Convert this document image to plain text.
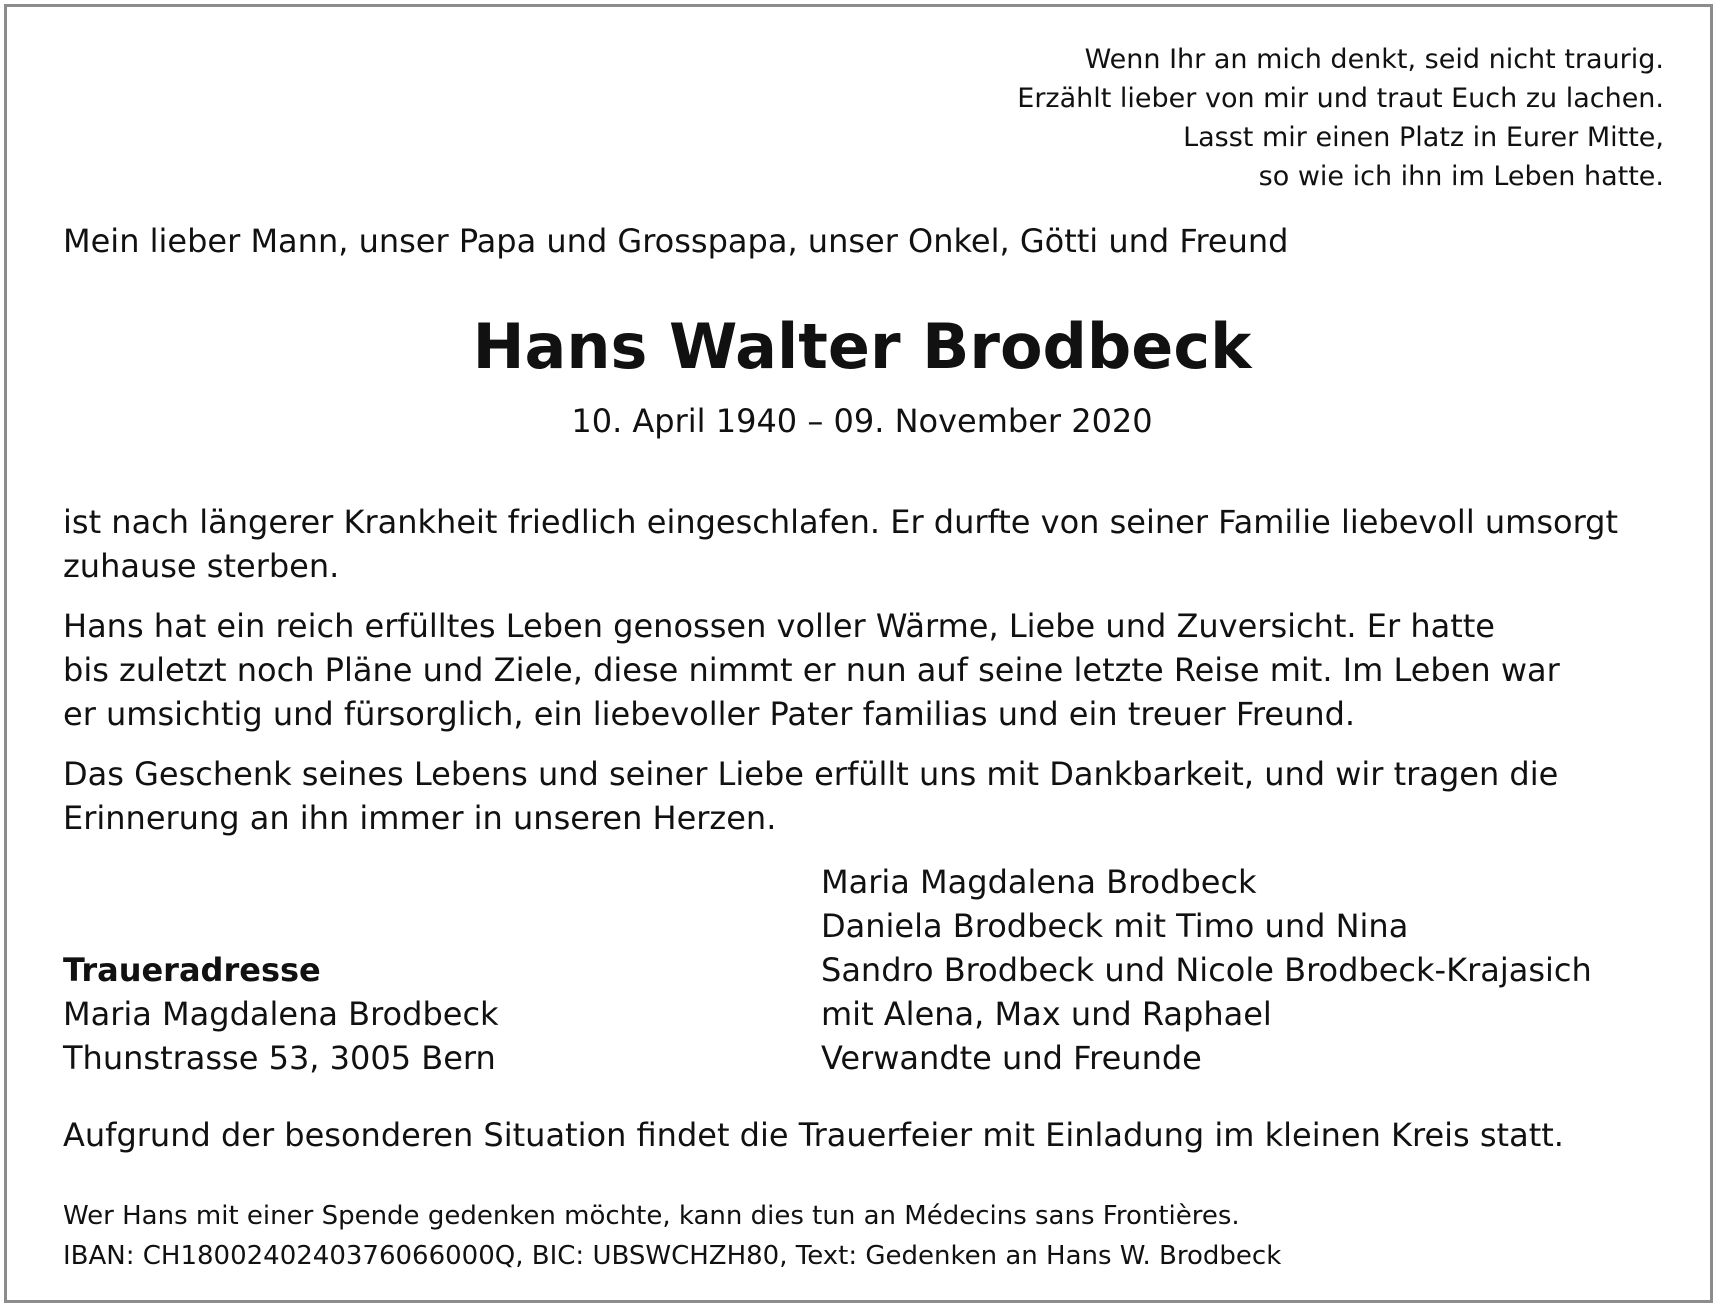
Wenn Ihr an mich denkt, seid nicht traurig.
Erzählt lieber von mir und traut Euch zu lachen.
Lasst mir einen Platz in Eurer Mitte,
so wie ich ihn im Leben hatte.
Mein lieber Mann, unser Papa und Grosspapa, unser Onkel, Götti und Freund
Hans Walter Brodbeck
10. April 1940 – 09. November 2020
ist nach längerer Krankheit friedlich eingeschlafen. Er durfte von seiner Familie liebevoll umsorgt
zuhause sterben.
Hans hat ein reich erfülltes Leben genossen voller Wärme, Liebe und Zuversicht. Er hatte
bis zuletzt noch Pläne und Ziele, diese nimmt er nun auf seine letzte Reise mit. Im Leben war
er umsichtig und fürsorglich, ein liebevoller Pater familias und ein treuer Freund.
Das Geschenk seines Lebens und seiner Liebe erfüllt uns mit Dankbarkeit, und wir tragen die
Erinnerung an ihn immer in unseren Herzen.
Maria Magdalena Brodbeck
Daniela Brodbeck mit Timo und Nina
Sandro Brodbeck und Nicole Brodbeck-Krajasich
mit Alena, Max und Raphael
Verwandte und Freunde
Traueradresse
Maria Magdalena Brodbeck
Thunstrasse 53, 3005 Bern
Aufgrund der besonderen Situation findet die Trauerfeier mit Einladung im kleinen Kreis statt.
Wer Hans mit einer Spende gedenken möchte, kann dies tun an Médecins sans Frontières.
IBAN: CH1800240240376066000Q, BIC: UBSWCHZH80, Text: Gedenken an Hans W. Brodbeck
